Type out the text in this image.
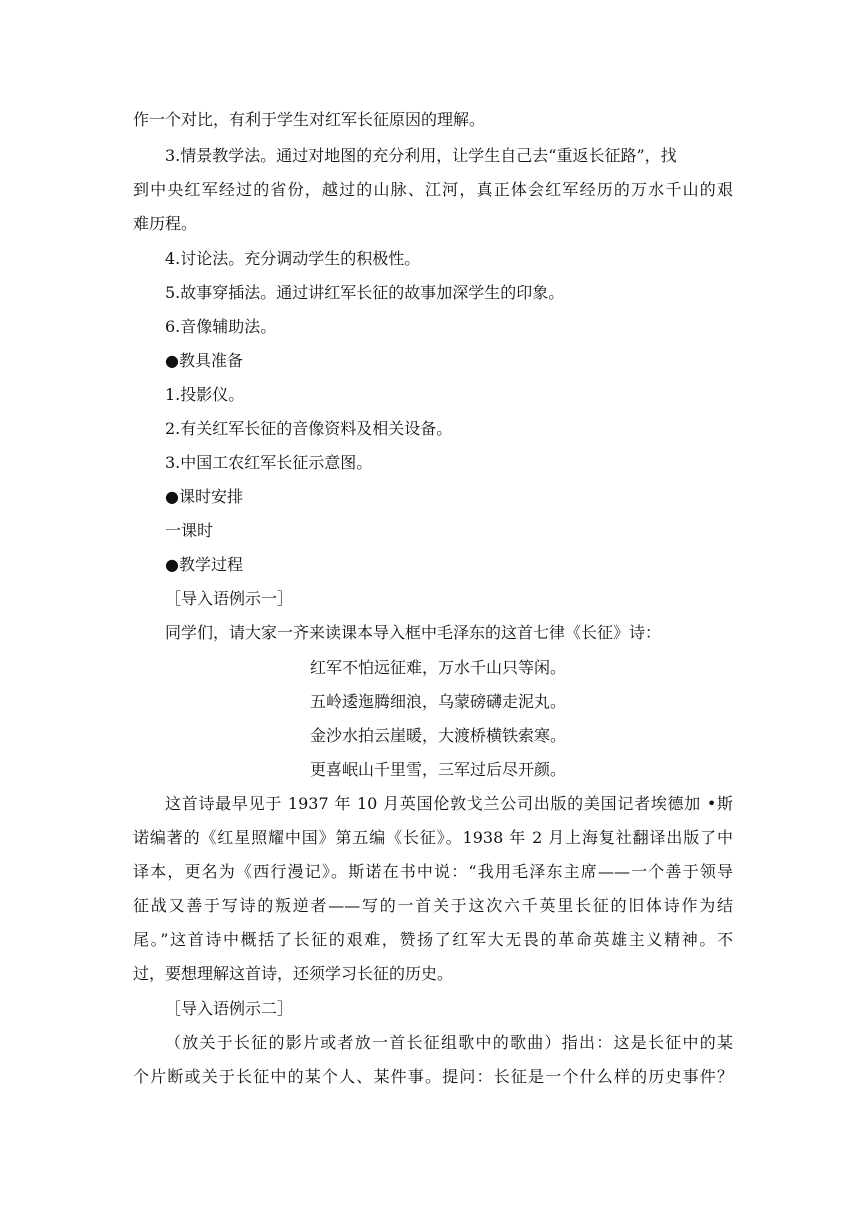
作一个对比，有利于学生对红军长征原因的理解。
3.情景教学法。通过对地图的充分利用，让学生自己去“重返长征路”，找
到中央红军经过的省份，越过的山脉、江河，真正体会红军经历的万水千山的艰
难历程。
4.讨论法。充分调动学生的积极性。
5.故事穿插法。通过讲红军长征的故事加深学生的印象。
6.音像辅助法。
●教具准备
1.投影仪。
2.有关红军长征的音像资料及相关设备。
3.中国工农红军长征示意图。
●课时安排
一课时
●教学过程
［导入语例示一］
同学们，请大家一齐来读课本导入框中毛泽东的这首七律《长征》诗：
红军不怕远征难，万水千山只等闲。
五岭逶迤腾细浪，乌蒙磅礴走泥丸。
金沙水拍云崖暖，大渡桥横铁索寒。
更喜岷山千里雪，三军过后尽开颜。
这首诗最早见于 1937 年 10 月英国伦敦戈兰公司出版的美国记者埃德加 •斯
诺编著的《红星照耀中国》第五编《长征》。1938 年 2 月上海复社翻译出版了中
译本，更名为《西行漫记》。斯诺在书中说：“我用毛泽东主席——一个善于领导
征战又善于写诗的叛逆者——写的一首关于这次六千英里长征的旧体诗作为结
尾。”这首诗中概括了长征的艰难，赞扬了红军大无畏的革命英雄主义精神。不
过，要想理解这首诗，还须学习长征的历史。
［导入语例示二］
（放关于长征的影片或者放一首长征组歌中的歌曲）指出：这是长征中的某
个片断或关于长征中的某个人、某件事。提问：长征是一个什么样的历史事件？
